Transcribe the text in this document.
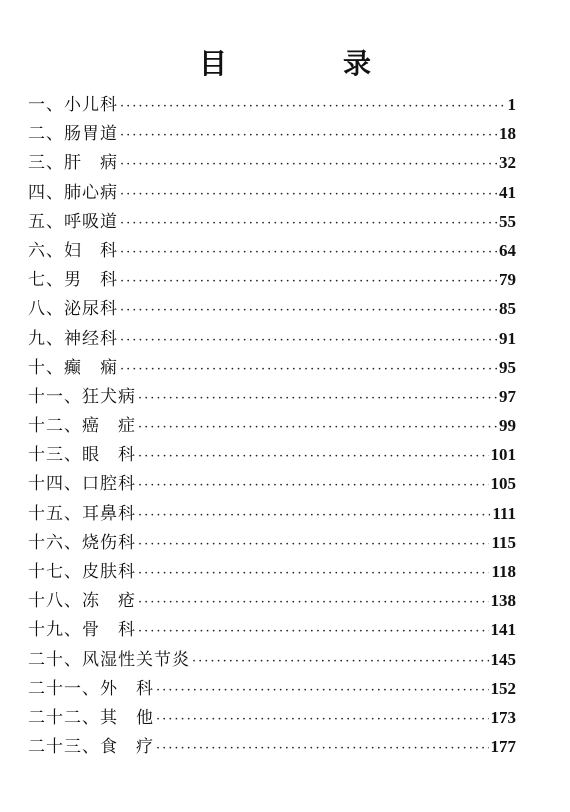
目　录
一、小儿科 ·····	1
二、肠胃道 ·····	18
三、肝　病 ·····	32
四、肺心病 ·····	41
五、呼吸道 ·····	55
六、妇　科 ·····	64
七、男　科 ·····	79
八、泌尿科 ·····	85
九、神经科 ·····	91
十、癫　痫 ·····	95
十一、狂犬病 ·····	97
十二、癌　症 ·····	99
十三、眼　科 ·····	101
十四、口腔科 ·····	105
十五、耳鼻科 ·····	111
十六、烧伤科 ·····	115
十七、皮肤科 ·····	118
十八、冻　疮 ·····	138
十九、骨　科 ·····	141
二十、风湿性关节炎 ·····	145
二十一、外　科 ·····	152
二十二、其　他 ·····	173
二十三、食　疗 ·····	177
